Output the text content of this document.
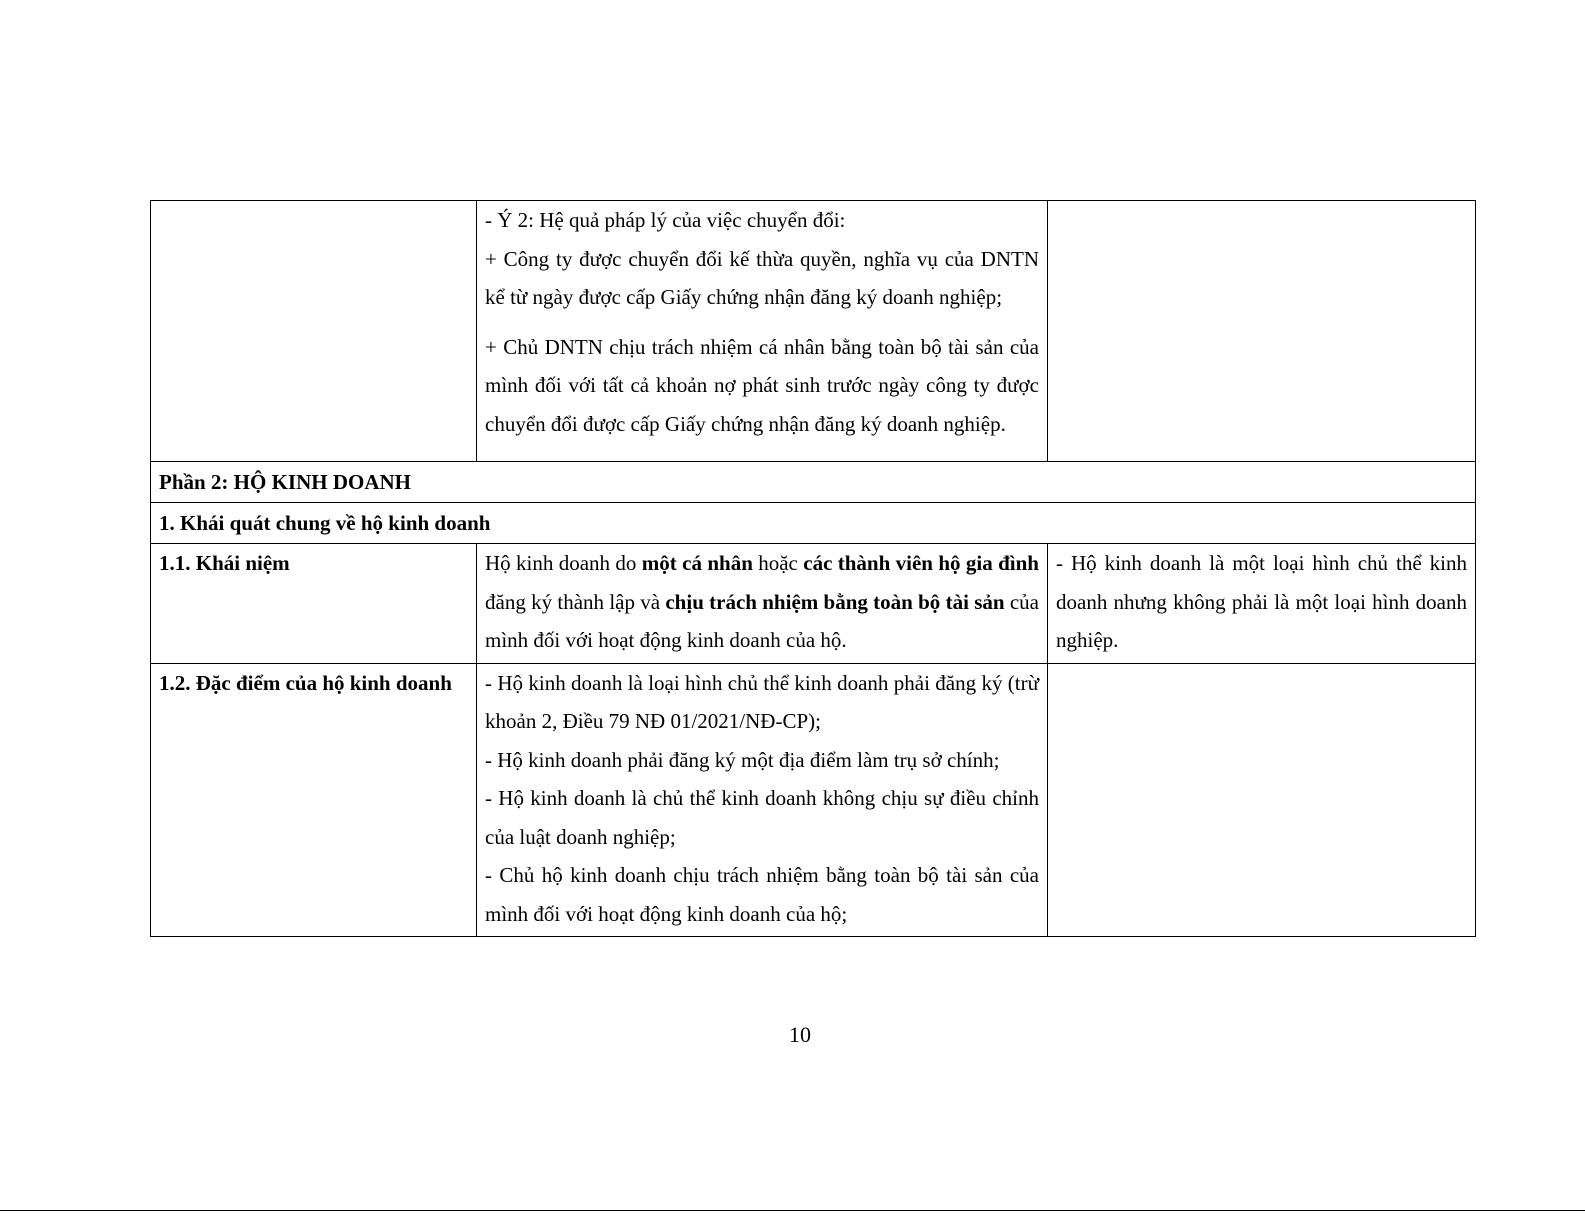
	- Ý 2: Hệ quả pháp lý của việc chuyển đổi:
+ Công ty được chuyển đổi kế thừa quyền, nghĩa vụ của DNTN kể từ ngày được cấp Giấy chứng nhận đăng ký doanh nghiệp;
+ Chủ DNTN chịu trách nhiệm cá nhân bằng toàn bộ tài sản của mình đối với tất cả khoản nợ phát sinh trước ngày công ty được chuyển đổi được cấp Giấy chứng nhận đăng ký doanh nghiệp.	

Phần 2: HỘ KINH DOANH		
1. Khái quát chung về hộ kinh doanh		
1.1. Khái niệm	Hộ kinh doanh do một cá nhân hoặc các thành viên hộ gia đình đăng ký thành lập và chịu trách nhiệm bằng toàn bộ tài sản của mình đối với hoạt động kinh doanh của hộ.	- Hộ kinh doanh là một loại hình chủ thể kinh doanh nhưng không phải là một loại hình doanh nghiệp.
1.2. Đặc điểm của hộ kinh doanh	- Hộ kinh doanh là loại hình chủ thể kinh doanh phải đăng ký (trừ khoản 2, Điều 79 NĐ 01/2021/NĐ-CP);
- Hộ kinh doanh phải đăng ký một địa điểm làm trụ sở chính;
- Hộ kinh doanh là chủ thể kinh doanh không chịu sự điều chỉnh của luật doanh nghiệp;
- Chủ hộ kinh doanh chịu trách nhiệm bằng toàn bộ tài sản của mình đối với hoạt động kinh doanh của hộ;	

10
